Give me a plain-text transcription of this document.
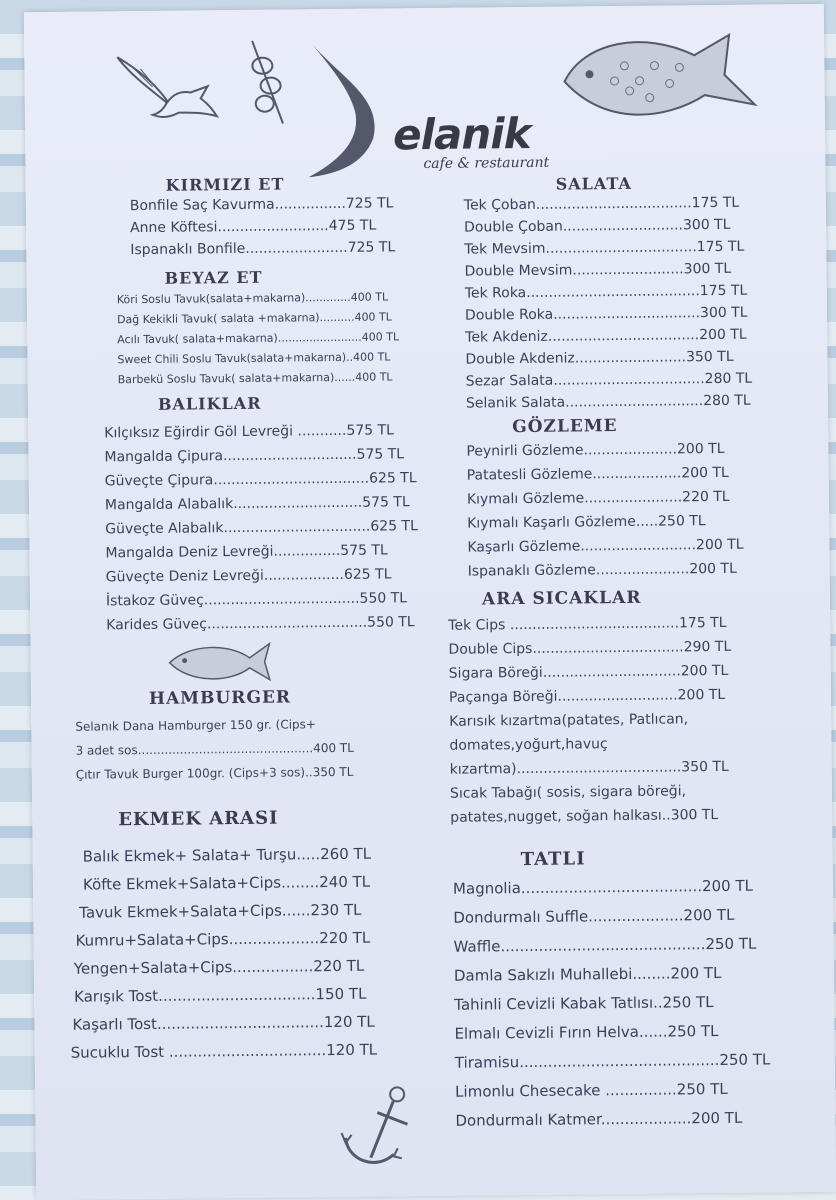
elanik
cafe & restaurant
KIRMIZI ET
Bonfile Saç Kavurma................725 TL
Anne Köftesi.........................475 TL
Ispanaklı Bonfile.......................725 TL
BEYAZ ET
Köri Soslu Tavuk(salata+makarna).............400 TL
Dağ Kekikli Tavuk( salata +makarna)..........400 TL
Acılı Tavuk( salata+makarna)........................400 TL
Sweet Chili Soslu Tavuk(salata+makarna)..400 TL
Barbekü Soslu Tavuk( salata+makarna)......400 TL
BALIKLAR
Kılçıksız Eğirdir Göl Levreği ...........575 TL
Mangalda Çipura..............................575 TL
Güveçte Çipura...................................625 TL
Mangalda Alabalık.............................575 TL
Güveçte Alabalık.................................625 TL
Mangalda Deniz Levreği...............575 TL
Güveçte Deniz Levreği..................625 TL
İstakoz Güveç...................................550 TL
Karides Güveç....................................550 TL
HAMBURGER
Selanık Dana Hamburger 150 gr. (Cips+
3 adet sos..............................................400 TL
Çıtır Tavuk Burger 100gr. (Cips+3 sos)..350 TL
EKMEK ARASI
Balık Ekmek+ Salata+ Turşu.....260 TL
Köfte Ekmek+Salata+Cips........240 TL
Tavuk Ekmek+Salata+Cips......230 TL
Kumru+Salata+Cips...................220 TL
Yengen+Salata+Cips.................220 TL
Karışık Tost.................................150 TL
Kaşarlı Tost...................................120 TL
Sucuklu Tost .................................120 TL
SALATA
Tek Çoban...................................175 TL
Double Çoban...........................300 TL
Tek Mevsim..................................175 TL
Double Mevsim.........................300 TL
Tek Roka.......................................175 TL
Double Roka.................................300 TL
Tek Akdeniz..................................200 TL
Double Akdeniz.........................350 TL
Sezar Salata..................................280 TL
Selanik Salata...............................280 TL
GÖZLEME
Peynirli Gözleme.....................200 TL
Patatesli Gözleme....................200 TL
Kıymalı Gözleme......................220 TL
Kıymalı Kaşarlı Gözleme.....250 TL
Kaşarlı Gözleme..........................200 TL
Ispanaklı Gözleme.....................200 TL
ARA SICAKLAR
Tek Cips ......................................175 TL
Double Cips..................................290 TL
Sigara Böreği...............................200 TL
Paçanga Böreği...........................200 TL
Karısık kızartma(patates, Patlıcan,
domates,yoğurt,havuç
kızartma).....................................350 TL
Sıcak Tabağı( sosis, sigara böreği,
patates,nugget, soğan halkası..300 TL
TATLI
Magnolia......................................200 TL
Dondurmalı Suffle....................200 TL
Waffle...........................................250 TL
Damla Sakızlı Muhallebi........200 TL
Tahinli Cevizli Kabak Tatlısı..250 TL
Elmalı Cevizli Fırın Helva......250 TL
Tiramisu..........................................250 TL
Limonlu Chesecake ...............250 TL
Dondurmalı Katmer...................200 TL
